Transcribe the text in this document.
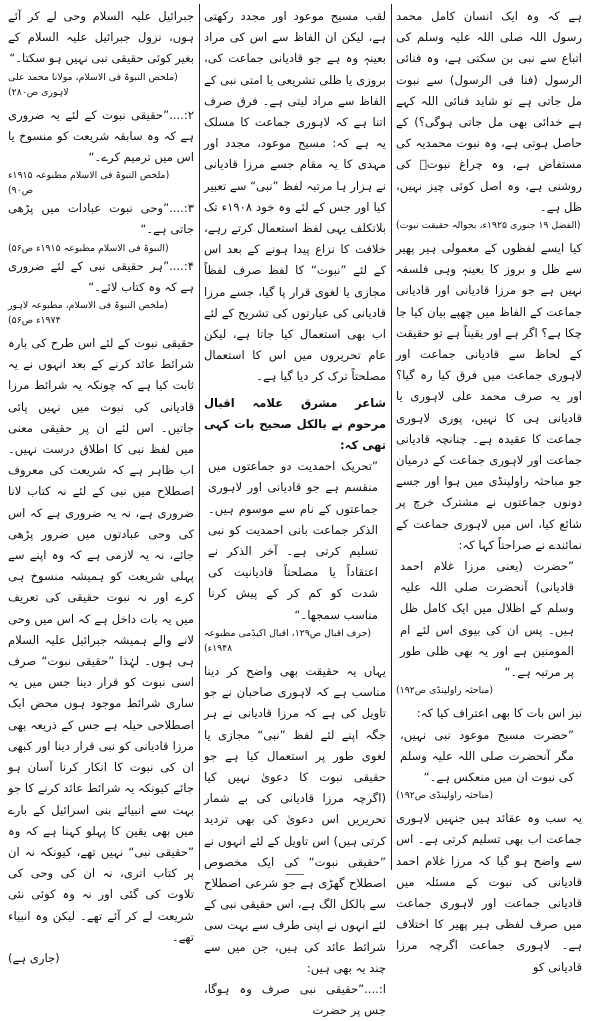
ہے کہ وہ ایک انسان کامل محمد رسول اللہ صلی اللہ علیہ وسلم کی اتباع سے نبی بن سکتی ہے، وہ فنائی الرسول (فنا فی الرسول) سے نبوت مل جاتی ہے تو شاید فنائی اللہ کہے ہے خدائی بھی مل جاتی ہوگی؟) کے حاصل ہوتی ہے، وہ نبوت محمدیہ کی مستفاض ہے، وہ چراغ نبوتؐ کی روشنی ہے، وہ اصل کوئی چیز نہیں، ظل ہے۔

(الفضل ۱۹ جنوری ۱۹۲۵ء، بحوالہ حقیقت نبوت)

کیا ایسے لفظوں کے معمولی ہیر پھیر سے ظل و بروز کا بعینہٖ وہی فلسفہ نہیں ہے جو مرزا قادیانی اور قادیانی جماعت کے الفاظ میں چھپے بیان کیا جا چکا ہے؟ اگر ہے اور یقیناً ہے تو حقیقت کے لحاظ سے قادیانی جماعت اور لاہوری جماعت میں فرق کیا رہ گیا؟ اور یہ صرف محمد علی لاہوری یا قادیانی ہی کا نہیں، پوری لاہوری جماعت کا عقیدہ ہے۔ چنانچہ قادیانی جماعت اور لاہوری جماعت کے درمیان جو مباحثہ راولپنڈی میں ہوا اور جسے دونوں جماعتوں نے مشترک خرچ پر شائع کیا، اس میں لاہوری جماعت کے نمائندے نے صراحتاً کہا کہ:

”حضرت (یعنی مرزا غلام احمد قادیانی) آنحضرت صلی اللہ علیہ وسلم کے اظلال میں ایک کامل ظل ہیں۔ پس ان کی بیوی اس لئے ام المومنین ہے اور یہ بھی ظلی طور پر مرتبہ ہے۔“

(مباحثہ راولپنڈی ص۱۹۲)

نیز اس بات کا بھی اعتراف کیا کہ:

”حضرت مسیح موعود نبی نہیں، مگر آنحضرت صلی اللہ علیہ وسلم کی نبوت ان میں منعکس ہے۔“

(مباحثہ راولپنڈی ص۱۹۲)

یہ سب وہ عقائد ہیں جنہیں لاہوری جماعت اب بھی تسلیم کرتی ہے۔ اس سے واضح ہو گیا کہ مرزا غلام احمد قادیانی کی نبوت کے مسئلہ میں قادیانی جماعت اور لاہوری جماعت میں صرف لفظی ہیر پھیر کا اختلاف ہے۔ لاہوری جماعت اگرچہ مرزا قادیانی کو

لقب مسیح موعود اور مجدد رکھتی ہے، لیکن ان الفاظ سے اس کی مراد بعینہٖ وہ ہے جو قادیانی جماعت کی، بروزی یا ظلی تشریعی یا امتی نبی کے الفاظ سے مراد لیتی ہے۔ فرق صرف اتنا ہے کہ لاہوری جماعت کا مسلک یہ ہے کہ: مسیح موعود، مجدد اور مہدی کا یہ مقام جسے مرزا قادیانی نے ہزار ہا مرتبہ لفظ ”نبی“ سے تعبیر کیا اور جس کے لئے وہ خود ۱۹۰۸ء تک بلاتکلف یہی لفظ استعمال کرتے رہے، خلافت کا نزاع پیدا ہونے کے بعد اس کے لئے ”نبوت“ کا لفظ صرف لفظاً مجازی یا لغوی قرار پا گیا، جسے مرزا قادیانی کی عبارتوں کی تشریح کے لئے اب بھی استعمال کیا جاتا ہے، لیکن عام تحریروں میں اس کا استعمال مصلحتاً ترک کر دیا گیا ہے۔

شاعر مشرق علامہ اقبال مرحوم نے بالکل صحیح بات کہی تھی کہ:

”تحریک احمدیت دو جماعتوں میں منقسم ہے جو قادیانی اور لاہوری جماعتوں کے نام سے موسوم ہیں۔ الذکر جماعت بانی احمدیت کو نبی تسلیم کرتی ہے۔ آخر الذکر نے اعتقاداً یا مصلحتاً قادیانیت کی شدت کو کم کر کے پیش کرنا مناسب سمجھا۔“

(حرف اقبال ص۱۲۹، اقبال اکیڈمی مطبوعہ ۱۹۴۸ء)

یہاں یہ حقیقت بھی واضح کر دینا مناسب ہے کہ لاہوری صاحبان نے جو تاویل کی ہے کہ مرزا قادیانی نے ہر جگہ اپنے لئے لفظ ”نبی“ مجازی یا لغوی طور پر استعمال کیا ہے جو حقیقی نبوت کا دعویٰ نہیں کیا (اگرچہ مرزا قادیانی کی بے شمار تحریریں اس دعویٰ کی بھی تردید کرتی ہیں) اس تاویل کے لئے انہوں نے ”حقیقی نبوت“ کی ایک مخصوص اصطلاح گھڑی ہے جو شرعی اصطلاح سے بالکل الگ ہے، اس حقیقی نبی کے لئے انہوں نے اپنی طرف سے بہت سی شرائط عائد کی ہیں، جن میں سے چند یہ بھی ہیں:

ا:....”حقیقی نبی صرف وہ ہوگا، جس پر حضرت

جبرائیل علیہ السلام وحی لے کر آئے ہوں، نزول جبرائیل علیہ السلام کے بغیر کوئی حقیقی نبی نہیں ہو سکتا۔“

(ملخص النبوۃ فی الاسلام، مولانا محمد علی لاہوری ص۲۸۰)

۲:....”حقیقی نبوت کے لئے یہ ضروری ہے کہ وہ سابقہ شریعت کو منسوخ یا اس میں ترمیم کرے۔“

(ملخص النبوۃ فی الاسلام مطبوعہ ۱۹۱۵ء ص۹۰)

۳:....”وحی نبوت عبادات میں پڑھی جاتی ہے۔“

(النبوۃ فی الاسلام مطبوعہ ۱۹۱۵ء ص۵۶)

۴:....”ہر حقیقی نبی کے لئے ضروری ہے کہ وہ کتاب لائے۔“

(ملخص النبوۃ فی الاسلام، مطبوعہ لاہور ۱۹۷۴ء ص۵۶)

حقیقی نبوت کے لئے اس طرح کی بارہ شرائط عائد کرنے کے بعد انہوں نے یہ ثابت کیا ہے کہ چونکہ یہ شرائط مرزا قادیانی کی نبوت میں نہیں پائی جاتیں۔ اس لئے ان پر حقیقی معنی میں لفظ نبی کا اطلاق درست نہیں۔ اب ظاہر ہے کہ شریعت کی معروف اصطلاح میں نبی کے لئے نہ کتاب لانا ضروری ہے، نہ یہ ضروری ہے کہ اس کی وحی عبادتوں میں ضرور پڑھی جائے، نہ یہ لازمی ہے کہ وہ اپنے سے پہلی شریعت کو ہمیشہ منسوخ ہی کرے اور نہ نبوت حقیقی کی تعریف میں یہ بات داخل ہے کہ اس میں وحی لانے والے ہمیشہ جبرائیل علیہ السلام ہی ہوں۔ لہٰذا ”حقیقی نبوت“ صرف اسی نبوت کو قرار دینا جس میں یہ ساری شرائط موجود ہوں محض ایک اصطلاحی حیلہ ہے جس کے ذریعہ بھی مرزا قادیانی کو نبی قرار دینا اور کبھی ان کی نبوت کا انکار کرنا آسان ہو جائے کیونکہ یہ شرائط عائد کرنے کا جو بہت سے انبیائے بنی اسرائیل کے بارے میں بھی یقین کا پہلو کہنا ہے کہ وہ ”حقیقی نبی“ نہیں تھے، کیونکہ نہ ان پر کتاب اتری، نہ ان کی وحی کی تلاوت کی گئی اور نہ وہ کوئی نئی شریعت لے کر آئے تھے۔ لیکن وہ انبیاء تھے۔

(جاری ہے)
